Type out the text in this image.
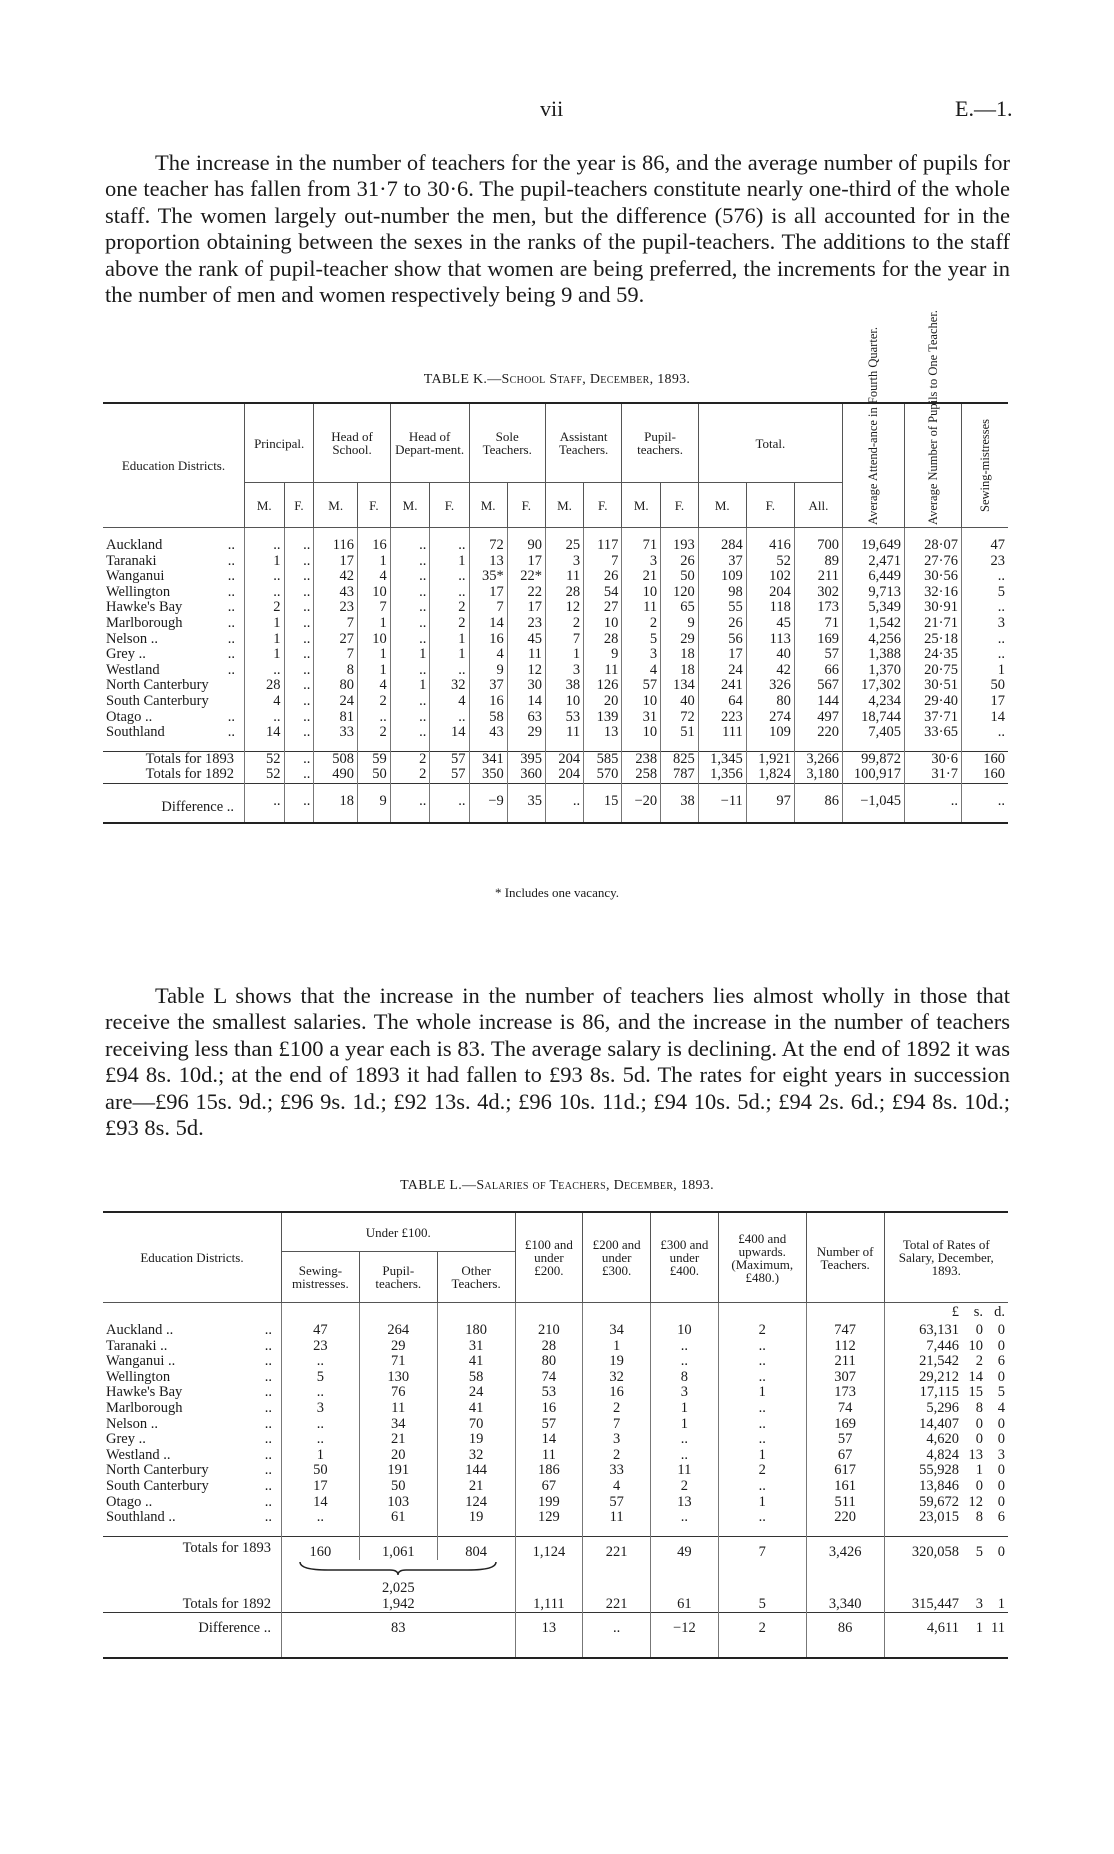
vii	E.—1.
The increase in the number of teachers for the year is 86, and the average number of pupils for one teacher has fallen from 31·7 to 30·6. The pupil-teachers constitute nearly one-third of the whole staff. The women largely out-number the men, but the difference (576) is all accounted for in the proportion obtaining between the sexes in the ranks of the pupil-teachers. The additions to the staff above the rank of pupil-teacher show that women are being preferred, the increments for the year in the number of men and women respectively being 9 and 59.
TABLE K.—School Staff, December, 1893.
Education Districts.	Principal.		Head of School.		Head of Depart-ment.		Sole Teachers.		Assistant Teachers.		Pupil-teachers.		Total.			Average Attend-ance in Fourth Quarter.	Average Number of Pupils to One Teacher.	Sewing-mistresses
	M.	F.	M.	F.	M.	F.	M.	F.	M.	F.	M.	F.	M.	F.	All.			

Auckland ..	..	..	116	16	..	..	72	90	25	117	71	193	284	416	700	19,649	28·07	47
Taranaki ..	1	..	17	1	..	1	13	17	3	7	3	26	37	52	89	2,471	27·76	23
Wanganui ..	..	..	42	4	..	..	35*	22*	11	26	21	50	109	102	211	6,449	30·56	..
Wellington ..	..	..	43	10	..	..	17	22	28	54	10	120	98	204	302	9,713	32·16	5
Hawke's Bay ..	2	..	23	7	..	2	7	17	12	27	11	65	55	118	173	5,349	30·91	..
Marlborough ..	1	..	7	1	..	2	14	23	2	10	2	9	26	45	71	1,542	21·71	3
Nelson .. ..	1	..	27	10	..	1	16	45	7	28	5	29	56	113	169	4,256	25·18	..
Grey .. ..	1	..	7	1	1	1	4	11	1	9	3	18	17	40	57	1,388	24·35	..
Westland ..	..	..	8	1	..	..	9	12	3	11	4	18	24	42	66	1,370	20·75	1
North Canterbury	28	..	80	4	1	32	37	30	38	126	57	134	241	326	567	17,302	30·51	50
South Canterbury	4	..	24	2	..	4	16	14	10	20	10	40	64	80	144	4,234	29·40	17
Otago .. ..	..	..	81	..	..	..	58	63	53	139	31	72	223	274	497	18,744	37·71	14
Southland ..	14	..	33	2	..	14	43	29	11	13	10	51	111	109	220	7,405	33·65	..

Totals for 1893	52	..	508	59	2	57	341	395	204	585	238	825	1,345	1,921	3,266	99,872	30·6	160
Totals for 1892	52	..	490	50	2	57	350	360	204	570	258	787	1,356	1,824	3,180	100,917	31·7	160

Difference ..	..	..	18	9	..	..	−9	35	..	15	−20	38	−11	97	86	−1,045	..	..
* Includes one vacancy.
Table L shows that the increase in the number of teachers lies almost wholly in those that receive the smallest salaries. The whole increase is 86, and the increase in the number of teachers receiving less than £100 a year each is 83. The average salary is declining. At the end of 1892 it was £94 8s. 10d.; at the end of 1893 it had fallen to £93 8s. 5d. The rates for eight years in succession are—£96 15s. 9d.; £96 9s. 1d.; £92 13s. 4d.; £96 10s. 11d.; £94 10s. 5d.; £94 2s. 6d.; £94 8s. 10d.; £93 8s. 5d.
TABLE L.—Salaries of Teachers, December, 1893.
Education Districts.	Under £100.			£100 and under £200.	£200 and under £300.	£300 and under £400.	£400 and upwards. (Maximum, £480.)	Number of Teachers.	Total of Rates of Salary, December, 1893.
	Sewing-mistresses.	Pupil-teachers.	Other Teachers.						
									£ s. d.
Auckland .. ..	47	264	180	210	34	10	2	747	63,131 0 0
Taranaki .. ..	23	29	31	28	1	..	..	112	7,446 10 0
Wanganui .. ..	..	71	41	80	19	..	..	211	21,542 2 6
Wellington ..	5	130	58	74	32	8	..	307	29,212 14 0
Hawke's Bay ..	..	76	24	53	16	3	1	173	17,115 15 5
Marlborough ..	3	11	41	16	2	1	..	74	5,296 8 4
Nelson .. ..	..	34	70	57	7	1	..	169	14,407 0 0
Grey .. ..	..	21	19	14	3	..	..	57	4,620 0 0
Westland .. ..	1	20	32	11	2	..	1	67	4,824 13 3
North Canterbury ..	50	191	144	186	33	11	2	617	55,928 1 0
South Canterbury ..	17	50	21	67	4	2	..	161	13,846 0 0
Otago .. ..	14	103	124	199	57	13	1	511	59,672 12 0
Southland .. ..	..	61	19	129	11	..	..	220	23,015 8 6

Totals for 1893	160	1,061	804	1,124	221	49	7	3,426	320,058 5 0

2,025								
Totals for 1892	1,942			1,111	221	61	5	3,340	315,447 3 1
Difference ..	83			13	..	−12	2	86	4,611 1 11
